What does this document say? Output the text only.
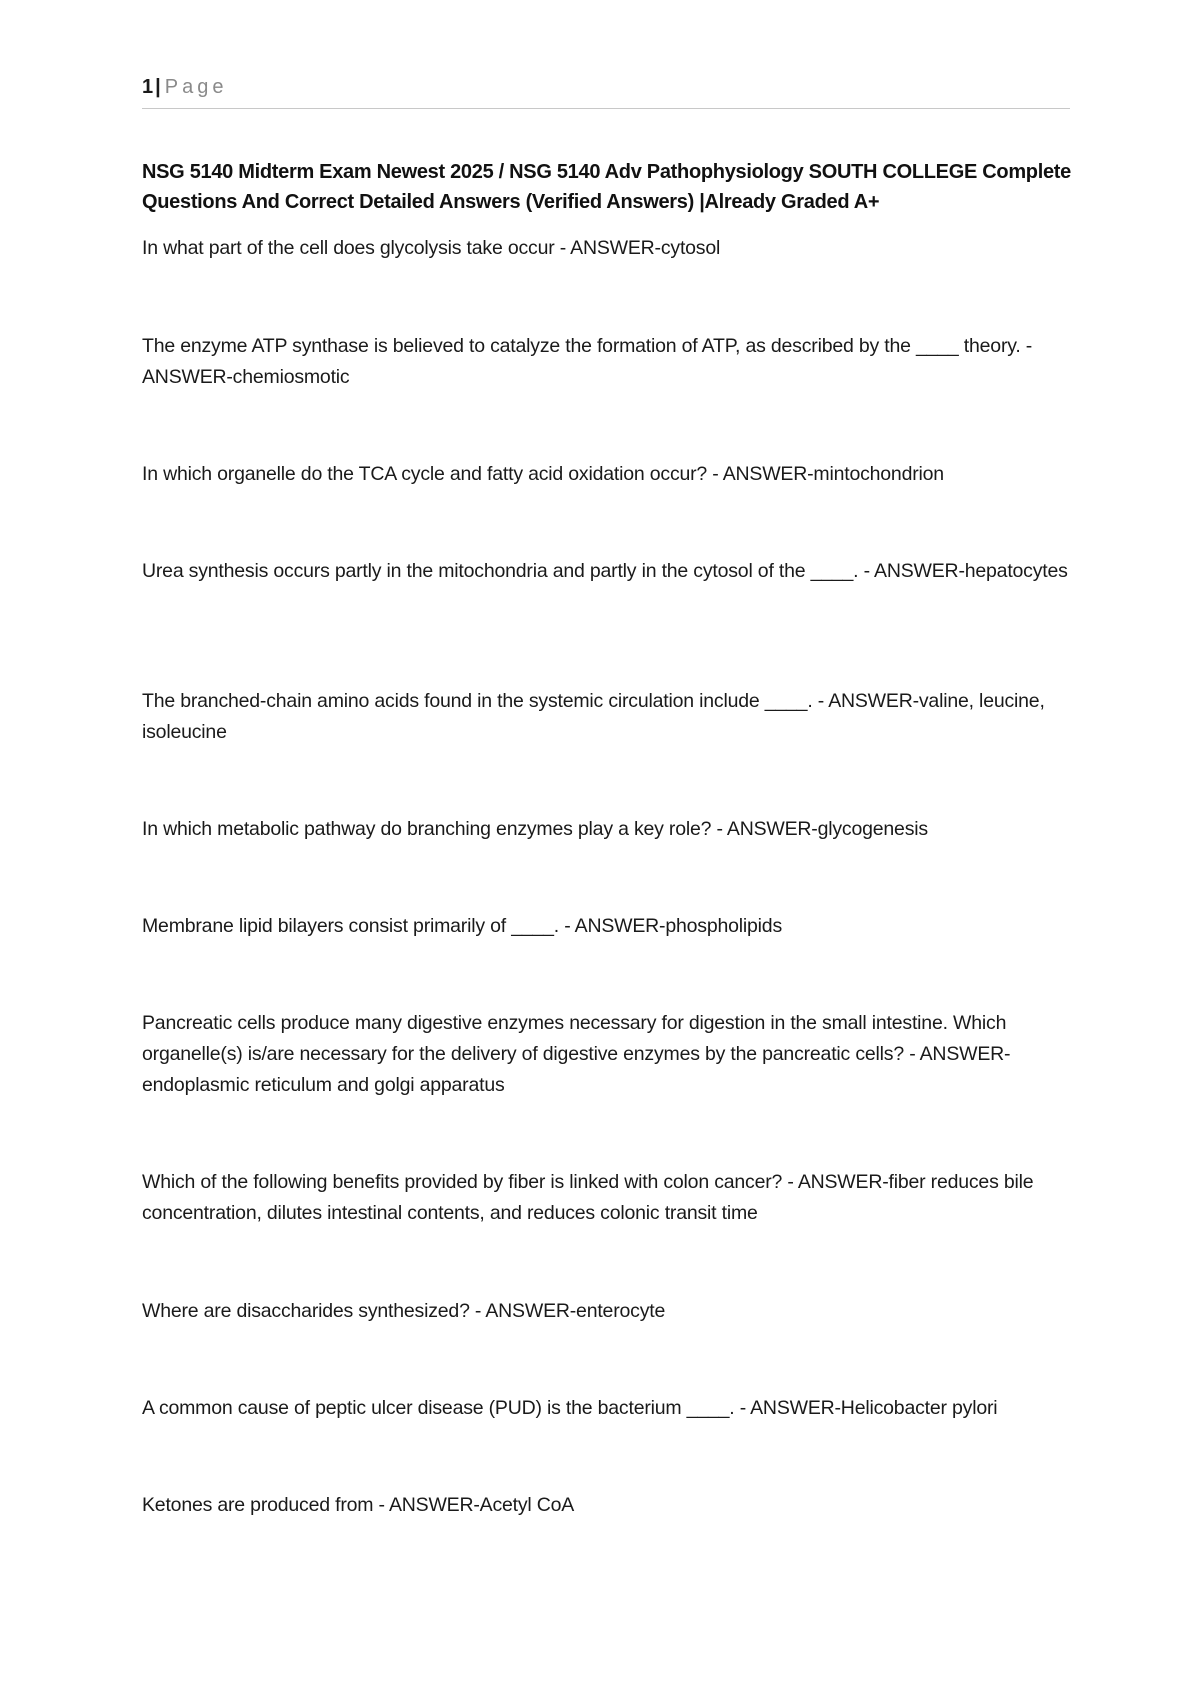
1 | Page

NSG 5140 Midterm Exam Newest 2025 / NSG 5140 Adv Pathophysiology SOUTH COLLEGE Complete Questions And Correct Detailed Answers (Verified Answers) |Already Graded A+

In what part of the cell does glycolysis take occur - ANSWER-cytosol

The enzyme ATP synthase is believed to catalyze the formation of ATP, as described by the ____ theory. - ANSWER-chemiosmotic

In which organelle do the TCA cycle and fatty acid oxidation occur? - ANSWER-mintochondrion

Urea synthesis occurs partly in the mitochondria and partly in the cytosol of the ____. - ANSWER-hepatocytes

The branched-chain amino acids found in the systemic circulation include ____. - ANSWER-valine, leucine, isoleucine

In which metabolic pathway do branching enzymes play a key role? - ANSWER-glycogenesis

Membrane lipid bilayers consist primarily of ____. - ANSWER-phospholipids

Pancreatic cells produce many digestive enzymes necessary for digestion in the small intestine. Which organelle(s) is/are necessary for the delivery of digestive enzymes by the pancreatic cells? - ANSWER-endoplasmic reticulum and golgi apparatus

Which of the following benefits provided by fiber is linked with colon cancer? - ANSWER-fiber reduces bile concentration, dilutes intestinal contents, and reduces colonic transit time

Where are disaccharides synthesized? - ANSWER-enterocyte

A common cause of peptic ulcer disease (PUD) is the bacterium ____. - ANSWER-Helicobacter pylori

Ketones are produced from - ANSWER-Acetyl CoA
